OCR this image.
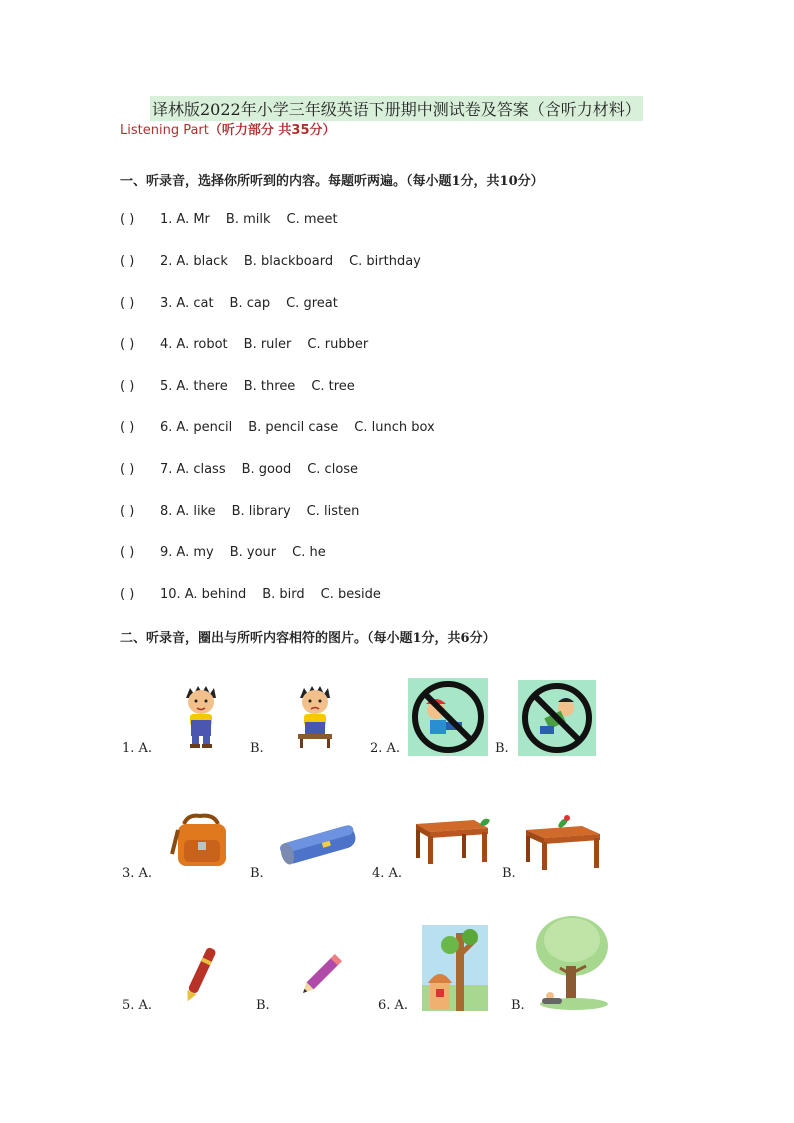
译林版2022年小学三年级英语下册期中测试卷及答案（含听力材料）
Listening Part（听力部分 共35分）
一、听录音，选择你所听到的内容。每题听两遍。（每小题1分，共10分）
( ) 1. A. Mr B. milk C. meet
( ) 2. A. black B. blackboard C. birthday
( ) 3. A. cat B. cap C. great
( ) 4. A. robot B. ruler C. rubber
( ) 5. A. there B. three C. tree
( ) 6. A. pencil B. pencil case C. lunch box
( ) 7. A. class B. good C. close
( ) 8. A. like B. library C. listen
( ) 9. A. my B. your C. he
( ) 10. A. behind B. bird C. beside
二、听录音，圈出与所听内容相符的图片。（每小题1分，共6分）
1. A.	B.	2. A.	B.
3. A.	B.	4. A.	B.
5. A.	B.	6. A.	B.
